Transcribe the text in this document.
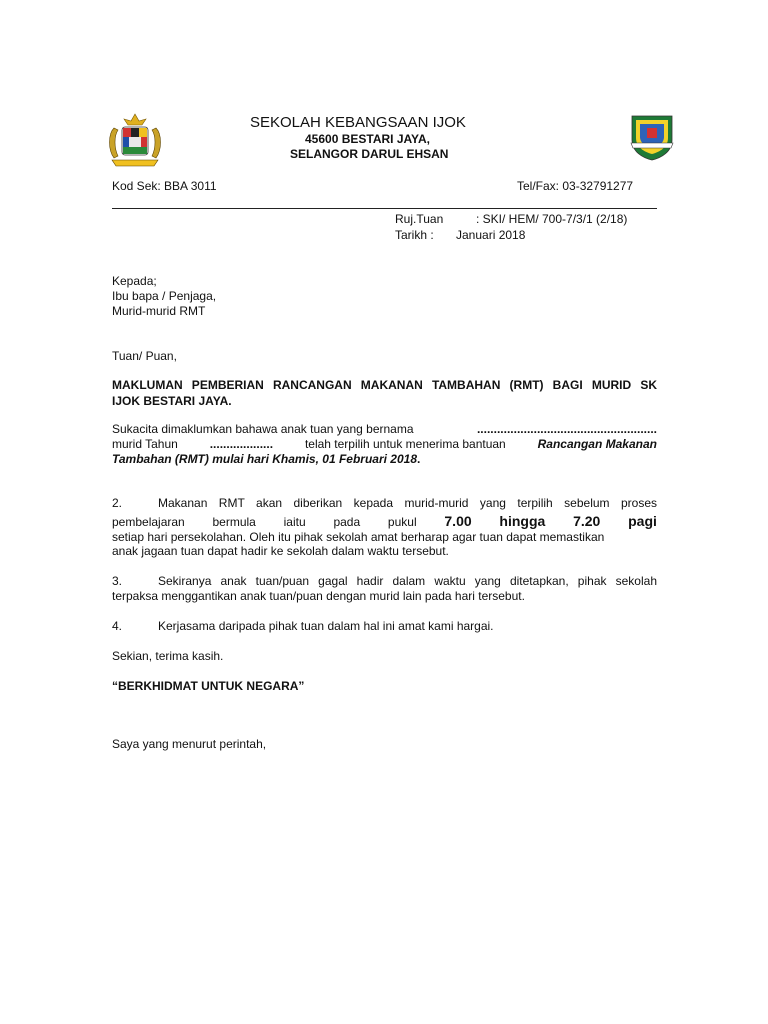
SEKOLAH KEBANGSAAN IJOK
45600 BESTARI JAYA,
SELANGOR DARUL EHSAN
Kod Sek: BBA 3011	Tel/Fax: 03-32791277
Ruj.Tuan	: SKI/ HEM/ 700-7/3/1 (2/18)
Tarikh : Januari 2018
Kepada;
Ibu bapa / Penjaga,
Murid-murid RMT
Tuan/ Puan,
MAKLUMAN PEMBERIAN RANCANGAN MAKANAN TAMBAHAN (RMT) BAGI MURID SK
IJOK BESTARI JAYA.
Sukacita dimaklumkan bahawa anak tuan yang bernama	......................................................
murid Tahun	...................	telah terpilih untuk menerima bantuan	Rancangan Makanan
Tambahan (RMT) mulai hari Khamis, 01 Februari 2018.
2.	Makanan RMT akan diberikan kepada murid-murid yang terpilih sebelum proses
pembelajaran bermula iaitu pada pukul 7.00 hingga 7.20 pagi
setiap hari persekolahan. Oleh itu pihak sekolah amat berharap agar tuan dapat memastikan
anak jagaan tuan dapat hadir ke sekolah dalam waktu tersebut.
3.	Sekiranya anak tuan/puan gagal hadir dalam waktu yang ditetapkan, pihak sekolah
terpaksa menggantikan anak tuan/puan dengan murid lain pada hari tersebut.
4.	Kerjasama daripada pihak tuan dalam hal ini amat kami hargai.
Sekian, terima kasih.
“BERKHIDMAT UNTUK NEGARA”
Saya yang menurut perintah,
